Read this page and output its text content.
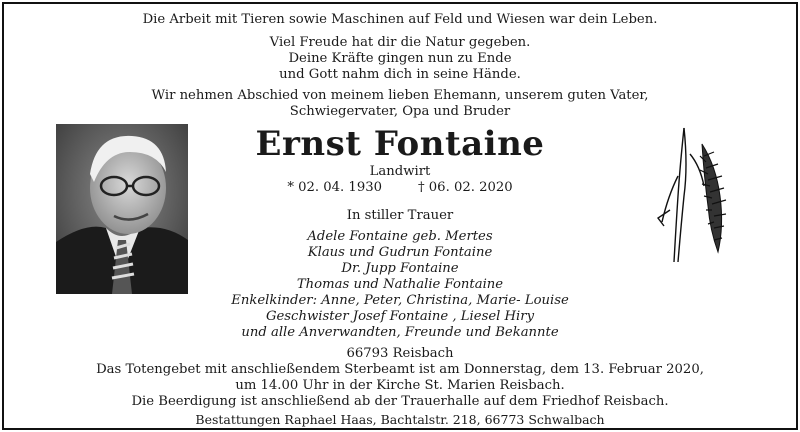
Die Arbeit mit Tieren sowie Maschinen auf Feld und Wiesen war dein Leben.
Viel Freude hat dir die Natur gegeben.
Deine Kräfte gingen nun zu Ende
und Gott nahm dich in seine Hände.
Wir nehmen Abschied von meinem lieben Ehemann, unserem guten Vater,
Schwiegervater, Opa und Bruder
Ernst Fontaine
Landwirt
* 02. 04. 1930	† 06. 02. 2020
In stiller Trauer
Adele Fontaine geb. Mertes
Klaus und Gudrun Fontaine
Dr. Jupp Fontaine
Thomas und Nathalie Fontaine
Enkelkinder: Anne, Peter, Christina, Marie- Louise
Geschwister Josef Fontaine , Liesel Hiry
und alle Anverwandten, Freunde und Bekannte
66793 Reisbach
Das Totengebet mit anschließendem Sterbeamt ist am Donnerstag, dem 13. Februar 2020,
um 14.00 Uhr in der Kirche St. Marien Reisbach.
Die Beerdigung ist anschließend ab der Trauerhalle auf dem Friedhof Reisbach.
Bestattungen Raphael Haas, Bachtalstr. 218, 66773 Schwalbach
